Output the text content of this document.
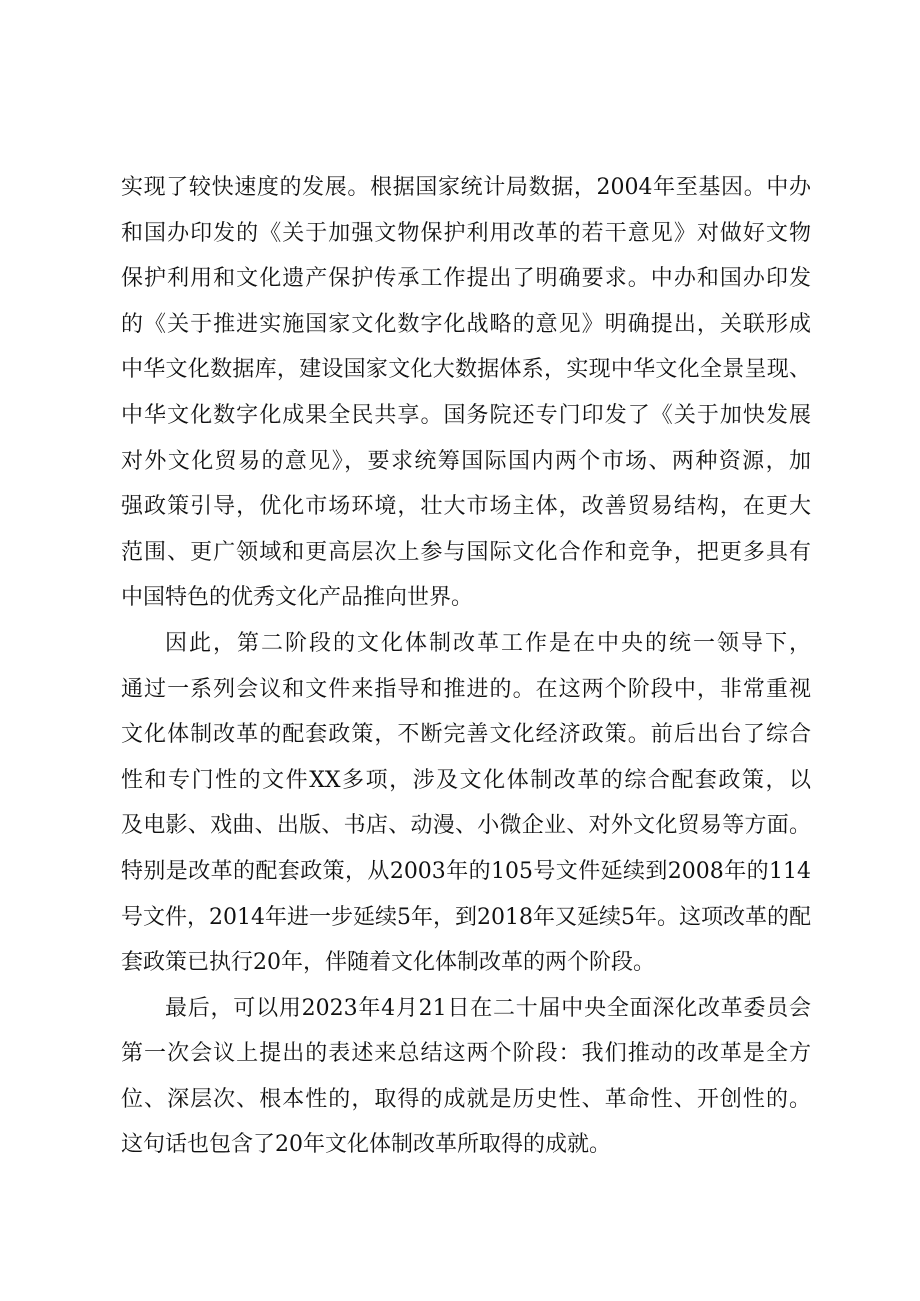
实现了较快速度的发展。根据国家统计局数据，2004年至基因。中办
和国办印发的《关于加强文物保护利用改革的若干意见》对做好文物
保护利用和文化遗产保护传承工作提出了明确要求。中办和国办印发
的《关于推进实施国家文化数字化战略的意见》明确提出，关联形成
中华文化数据库，建设国家文化大数据体系，实现中华文化全景呈现、
中华文化数字化成果全民共享。国务院还专门印发了《关于加快发展
对外文化贸易的意见》，要求统筹国际国内两个市场、两种资源，加
强政策引导，优化市场环境，壮大市场主体，改善贸易结构，在更大
范围、更广领域和更高层次上参与国际文化合作和竞争，把更多具有
中国特色的优秀文化产品推向世界。
因此，第二阶段的文化体制改革工作是在中央的统一领导下，
通过一系列会议和文件来指导和推进的。在这两个阶段中，非常重视
文化体制改革的配套政策，不断完善文化经济政策。前后出台了综合
性和专门性的文件XX多项，涉及文化体制改革的综合配套政策，以
及电影、戏曲、出版、书店、动漫、小微企业、对外文化贸易等方面。
特别是改革的配套政策，从2003年的105号文件延续到2008年的114
号文件，2014年进一步延续5年，到2018年又延续5年。这项改革的配
套政策已执行20年，伴随着文化体制改革的两个阶段。
最后，可以用2023年4月21日在二十届中央全面深化改革委员会
第一次会议上提出的表述来总结这两个阶段：我们推动的改革是全方
位、深层次、根本性的，取得的成就是历史性、革命性、开创性的。
这句话也包含了20年文化体制改革所取得的成就。
